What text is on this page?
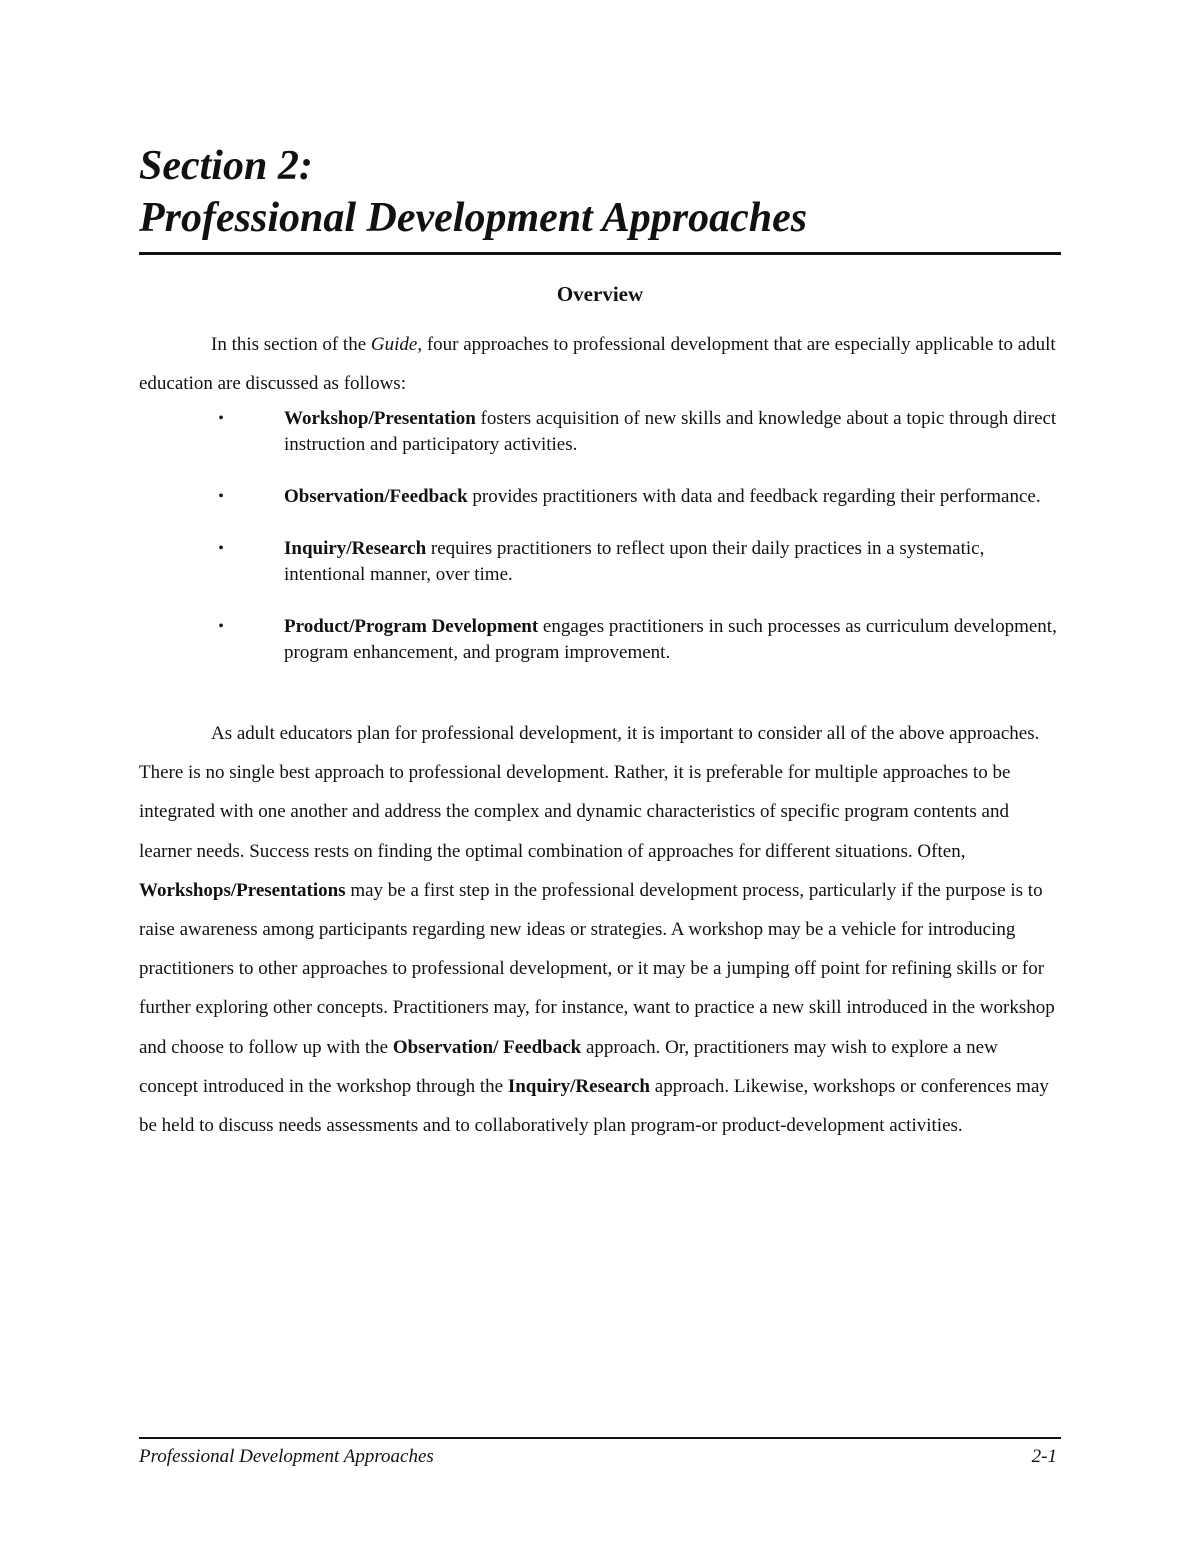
Section 2:
Professional Development Approaches
Overview

In this section of the Guide, four approaches to professional development that are especially applicable to adult education are discussed as follows:

•	Workshop/Presentation fosters acquisition of new skills and knowledge about a topic through direct instruction and participatory activities.
•	Observation/Feedback provides practitioners with data and feedback regarding their performance.
•	Inquiry/Research requires practitioners to reflect upon their daily practices in a systematic, intentional manner, over time.
•	Product/Program Development engages practitioners in such processes as curriculum development, program enhancement, and program improvement.

As adult educators plan for professional development, it is important to consider all of the above approaches. There is no single best approach to professional development. Rather, it is preferable for multiple approaches to be integrated with one another and address the complex and dynamic characteristics of specific program contents and learner needs. Success rests on finding the optimal combination of approaches for different situations. Often, Workshops/Presentations may be a first step in the professional development process, particularly if the purpose is to raise awareness among participants regarding new ideas or strategies. A workshop may be a vehicle for introducing practitioners to other approaches to professional development, or it may be a jumping off point for refining skills or for further exploring other concepts. Practitioners may, for instance, want to practice a new skill introduced in the workshop and choose to follow up with the Observation/ Feedback approach. Or, practitioners may wish to explore a new concept introduced in the workshop through the Inquiry/Research approach. Likewise, workshops or conferences may be held to discuss needs assessments and to collaboratively plan program-or product-development activities.

Professional Development Approaches	2-1
